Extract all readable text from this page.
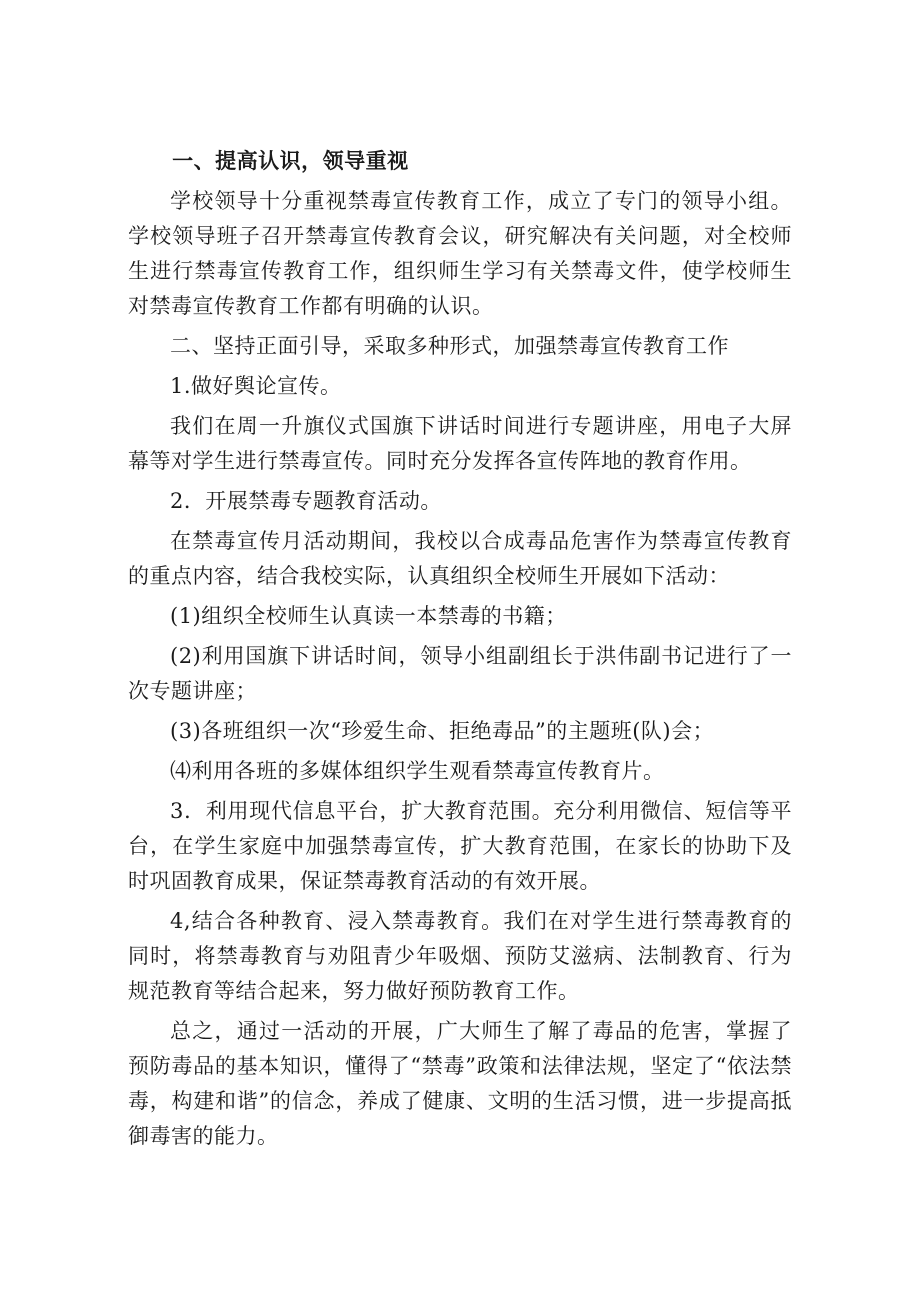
一、提高认识，领导重视

学校领导十分重视禁毒宣传教育工作，成立了专门的领导小组。学校领导班子召开禁毒宣传教育会议，研究解决有关问题，对全校师生进行禁毒宣传教育工作，组织师生学习有关禁毒文件，使学校师生对禁毒宣传教育工作都有明确的认识。

二、坚持正面引导，采取多种形式，加强禁毒宣传教育工作

1.做好舆论宣传。

我们在周一升旗仪式国旗下讲话时间进行专题讲座，用电子大屏幕等对学生进行禁毒宣传。同时充分发挥各宣传阵地的教育作用。

2．开展禁毒专题教育活动。

在禁毒宣传月活动期间，我校以合成毒品危害作为禁毒宣传教育的重点内容，结合我校实际，认真组织全校师生开展如下活动：

(1)组织全校师生认真读一本禁毒的书籍；

(2)利用国旗下讲话时间，领导小组副组长于洪伟副书记进行了一次专题讲座；

(3)各班组织一次“珍爱生命、拒绝毒品”的主题班(队)会；

⑷利用各班的多媒体组织学生观看禁毒宣传教育片。

3．利用现代信息平台，扩大教育范围。充分利用微信、短信等平台，在学生家庭中加强禁毒宣传，扩大教育范围，在家长的协助下及时巩固教育成果，保证禁毒教育活动的有效开展。

4,结合各种教育、浸入禁毒教育。我们在对学生进行禁毒教育的同时，将禁毒教育与劝阻青少年吸烟、预防艾滋病、法制教育、行为规范教育等结合起来，努力做好预防教育工作。

总之，通过一活动的开展，广大师生了解了毒品的危害，掌握了预防毒品的基本知识，懂得了“禁毒”政策和法律法规，坚定了“依法禁毒，构建和谐”的信念，养成了健康、文明的生活习惯，进一步提高抵御毒害的能力。
